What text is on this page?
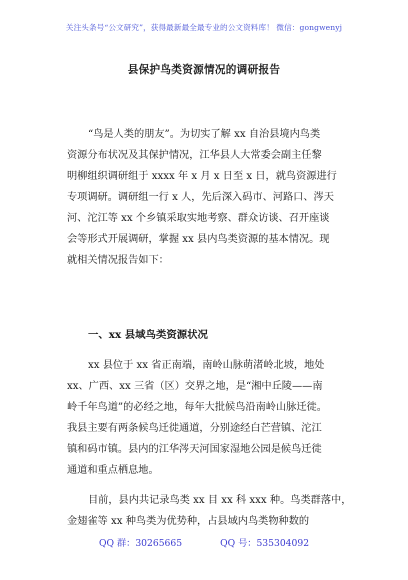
关注头条号“公文研究”，获得最新最全最专业的公文资料库！ 微信：gongwenyj
县保护鸟类资源情况的调研报告
“鸟是人类的朋友”。为切实了解 xx 自治县境内鸟类
资源分布状况及其保护情况，江华县人大常委会副主任黎
明柳组织调研组于 xxxx 年 x 月 x 日至 x 日，就鸟资源进行
专项调研。调研组一行 x 人，先后深入码市、河路口、涔天
河、沱江等 xx 个乡镇采取实地考察、群众访谈、召开座谈
会等形式开展调研，掌握 xx 县内鸟类资源的基本情况。现
就相关情况报告如下：
一、xx 县域鸟类资源状况
xx 县位于 xx 省正南端，南岭山脉萌渚岭北坡，地处
xx、广西、xx 三省（区）交界之地，是“湘中丘陵——南
岭千年鸟道”的必经之地，每年大批候鸟沿南岭山脉迁徙。
我县主要有两条候鸟迁徙通道，分别途经白芒营镇、沱江
镇和码市镇。县内的江华涔天河国家湿地公园是候鸟迁徙
通道和重点栖息地。
目前，县内共记录鸟类 xx 目 xx 科 xxx 种。鸟类群落中，
金翅雀等 xx 种鸟类为优势种，占县域内鸟类物种数的
QQ 群：30265665	QQ 号：535304092
